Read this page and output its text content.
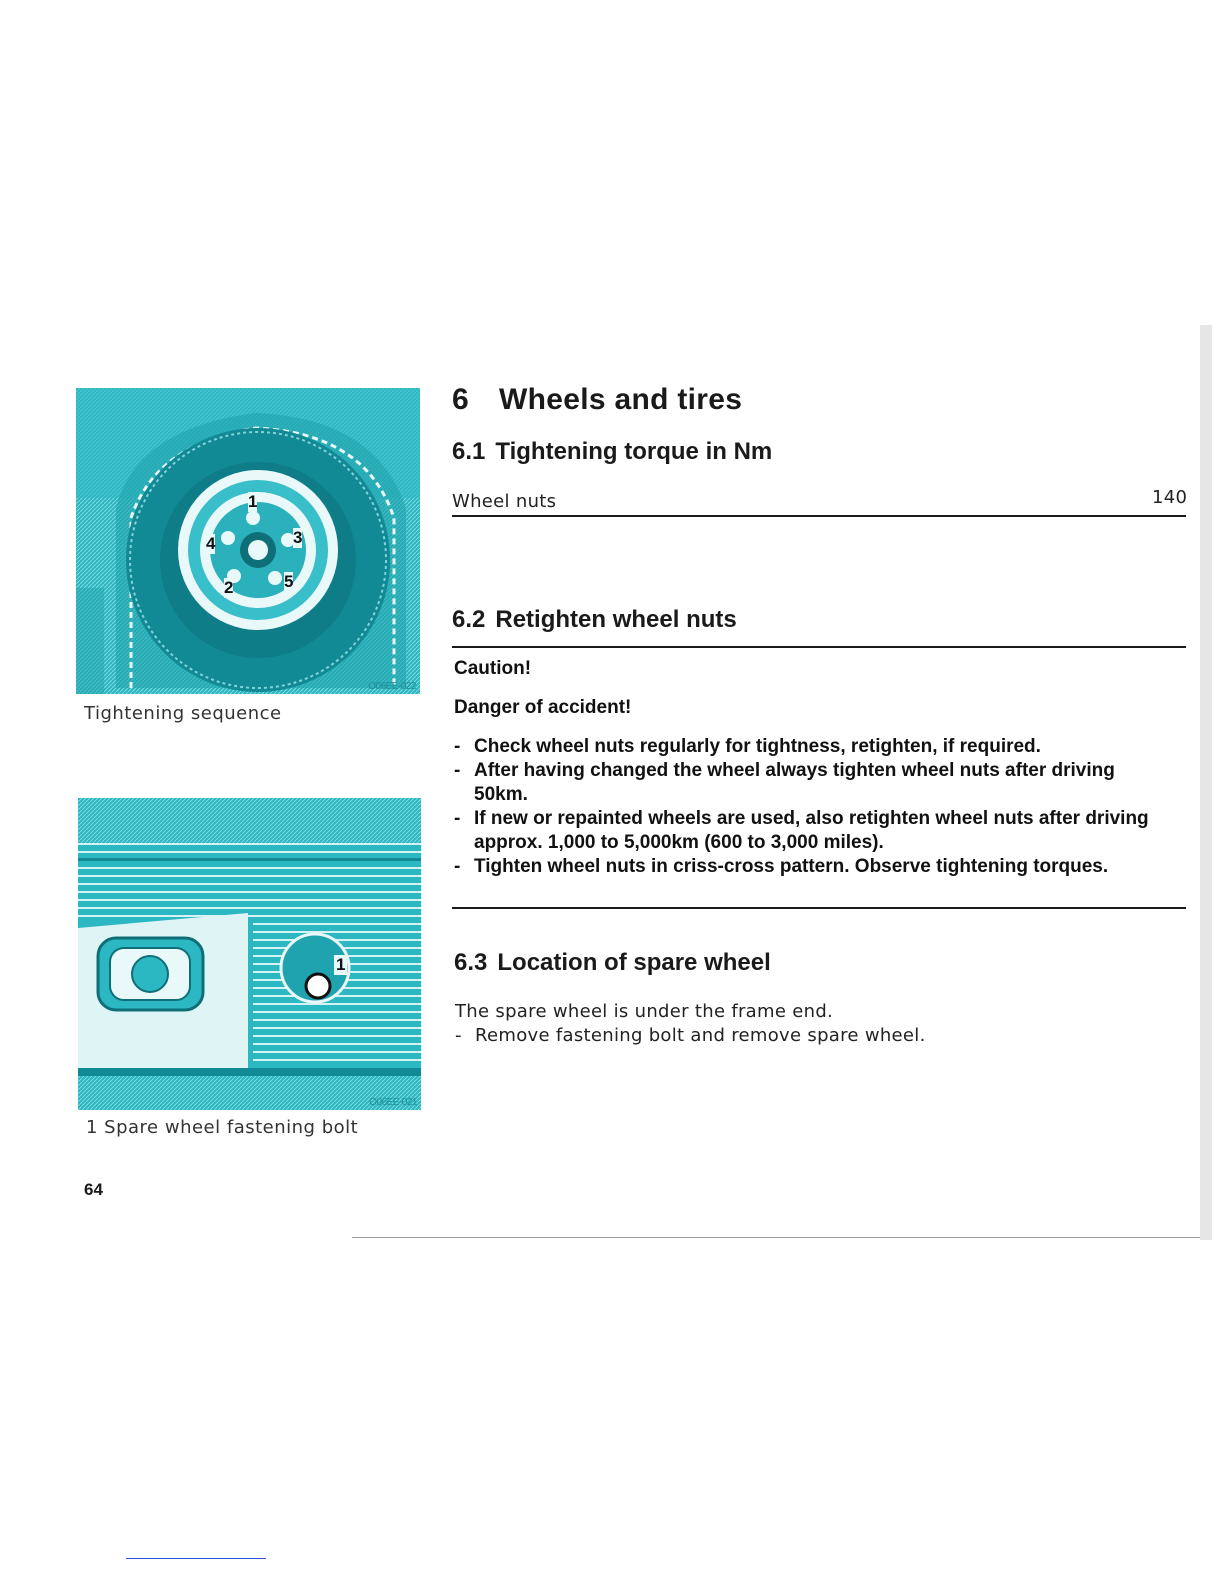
1
3
4
2	5
O06EE-022
Tightening sequence
1
O06EE-021
1 Spare wheel fastening bolt
6 Wheels and tires
6.1 Tightening torque in Nm
Wheel nuts	140
6.2 Retighten wheel nuts
Caution!
Danger of accident!
- Check wheel nuts regularly for tightness, retighten, if required.
- After having changed the wheel always tighten wheel nuts after driving 50km.
- If new or repainted wheels are used, also retighten wheel nuts after driving approx. 1,000 to 5,000km (600 to 3,000 miles).
- Tighten wheel nuts in criss-cross pattern. Observe tightening torques.
6.3 Location of spare wheel
The spare wheel is under the frame end.
- Remove fastening bolt and remove spare wheel.
64
